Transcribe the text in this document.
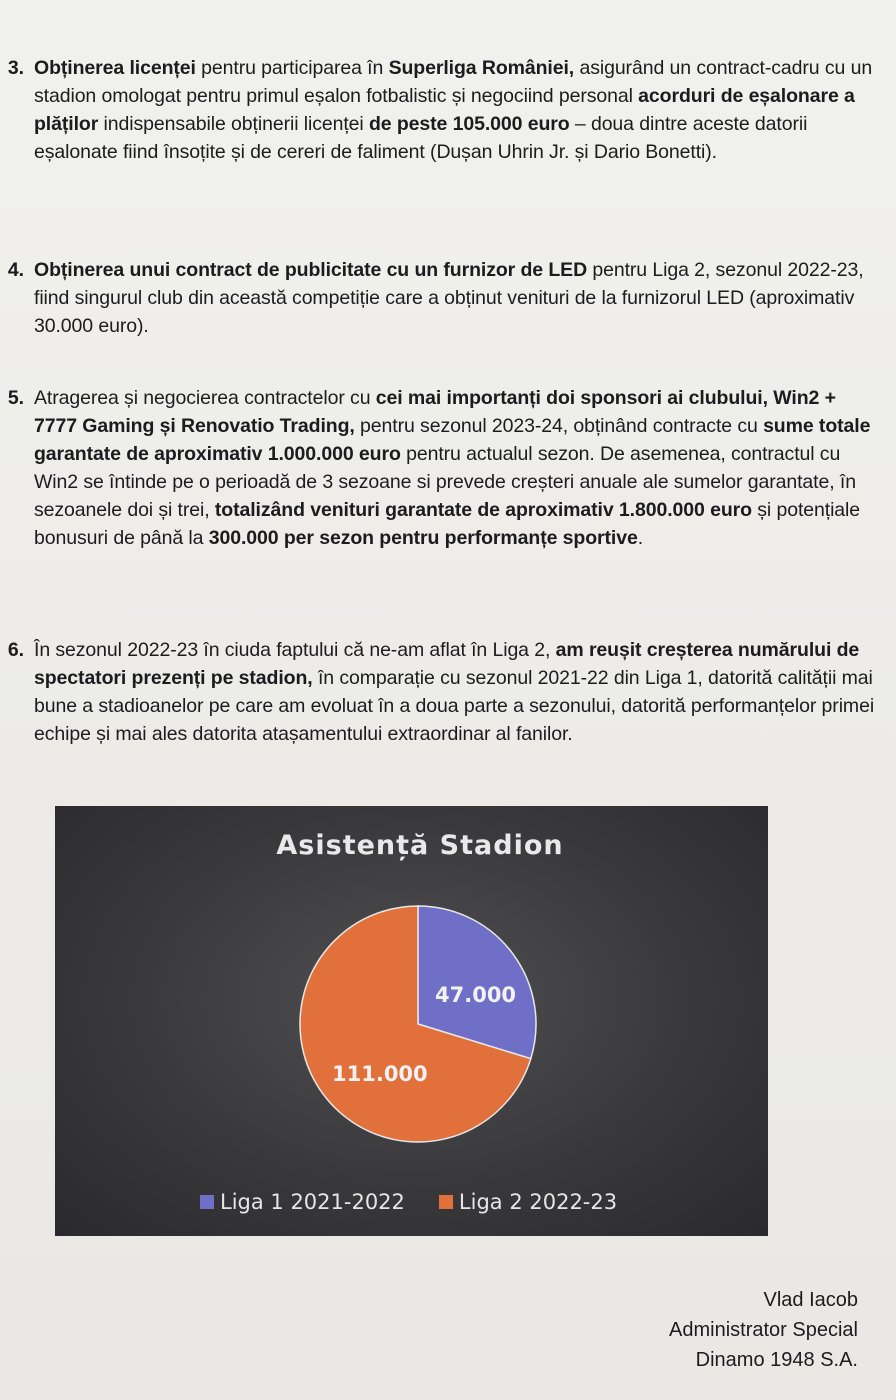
3. Obținerea licenței pentru participarea în Superliga României, asigurând un contract-cadru cu un stadion omologat pentru primul eșalon fotbalistic și negociind personal acorduri de eșalonare a plăților indispensabile obținerii licenței de peste 105.000 euro – doua dintre aceste datorii eșalonate fiind însoțite și de cereri de faliment (Dușan Uhrin Jr. și Dario Bonetti).
4. Obținerea unui contract de publicitate cu un furnizor de LED pentru Liga 2, sezonul 2022-23, fiind singurul club din această competiție care a obținut venituri de la furnizorul LED (aproximativ 30.000 euro).
5. Atragerea și negocierea contractelor cu cei mai importanți doi sponsori ai clubului, Win2 + 7777 Gaming și Renovatio Trading, pentru sezonul 2023-24, obținând contracte cu sume totale garantate de aproximativ 1.000.000 euro pentru actualul sezon. De asemenea, contractul cu Win2 se întinde pe o perioadă de 3 sezoane si prevede creșteri anuale ale sumelor garantate, în sezoanele doi și trei, totalizând venituri garantate de aproximativ 1.800.000 euro și potențiale bonusuri de până la 300.000 per sezon pentru performanțe sportive.
6. În sezonul 2022-23 în ciuda faptului că ne-am aflat în Liga 2, am reușit creșterea numărului de spectatori prezenți pe stadion, în comparație cu sezonul 2021-22 din Liga 1, datorită calității mai bune a stadioanelor pe care am evoluat în a doua parte a sezonului, datorită performanțelor primei echipe și mai ales datorita atașamentului extraordinar al fanilor.
Asistență Stadion
47.000
111.000
Liga 1 2021-2022	Liga 2 2022-23
Vlad Iacob
Administrator Special
Dinamo 1948 S.A.
